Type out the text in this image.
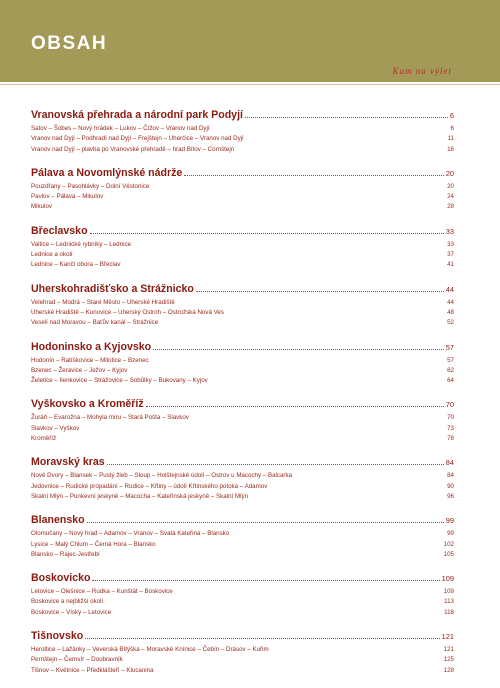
OBSAH
Kam na výlet
Vranovská přehrada a národní park Podyjí	6
Satov – Šobes – Nový hrádek – Lukov – Čížov – Vranov nad Dyjí	6
Vranov nad Dyjí – Podhradí nad Dyjí – Frejštejn – Uherčice – Vranov nad Dyjí	11
Vranov nad Dyjí – plavba po Vranovské přehradě – hrad Bítov – Cornštejn	16
Pálava a Novomlýnské nádrže	20
Pouzdřany – Pasohlávky – Dolní Věstonice	20
Pavlov – Pálava – Mikulov	24
Mikulov	28
Břeclavsko	33
Valtice – Lednické rybníky – Lednice	33
Lednice a okolí	37
Lednice – Kančí obora – Břeclav	41
Uherskohradišťsko a Strážnicko	44
Velehrad – Modrá – Staré Město – Uherské Hradiště	44
Uherské Hradiště – Kunovice – Uherský Ostroh – Ostrožská Nová Ves	48
Veselí nad Moravou – Baťův kanál – Strážnice	52
Hodoninsko a Kyjovsko	57
Hodonín – Ratíškovice – Milotice – Bzenec	57
Bzenec – Žeravice – Ježov – Kyjov	62
Želetice – Ilenkovice – Strážovice – Sobůlky – Bukovany – Kyjov	64
Vyškovsko a Kroměříž	70
Žuráň – Evarožna – Mohyla míru – Stará Pošta – Slavkov	70
Slavkov – Vyškov	73
Kroměříž	78
Moravský kras	84
Nové Dvory – Blansek – Pustý žleb – Sloup – Holštejnské údolí – Ostrov u Macochy – Balcarka	84
Jedovnice – Rudické propadání – Rudice – Křtiny – údolí Křtinského potoka – Adamov	90
Skalní Mlýn – Punkevní jeskyně – Macocha – Kateřinská jeskyně – Skalní Mlýn	96
Blanensko	99
Olomučany – Nový hrad – Adamov – Vranov – Svatá Kateřina – Blansko	99
Lysice – Malý Chlum – Černá Hora – Blansko	102
Blansko – Rajec-Jestřebí	105
Boskovicko	109
Letovice – Olešnice – Rudka – Kunštát – Boskovice	109
Boskovice a nejbližší okolí	113
Boskovice – Vísky – Letovice	118
Tišnovsko	121
Heroltice – Lažánky – Veverská Bítýška – Moravské Knínice – Čebín – Drásov – Kuřim	121
Pernštejn – Černvír – Doubravník	125
Tišnov – Květnice – Předklášteří – Klucanina	128
